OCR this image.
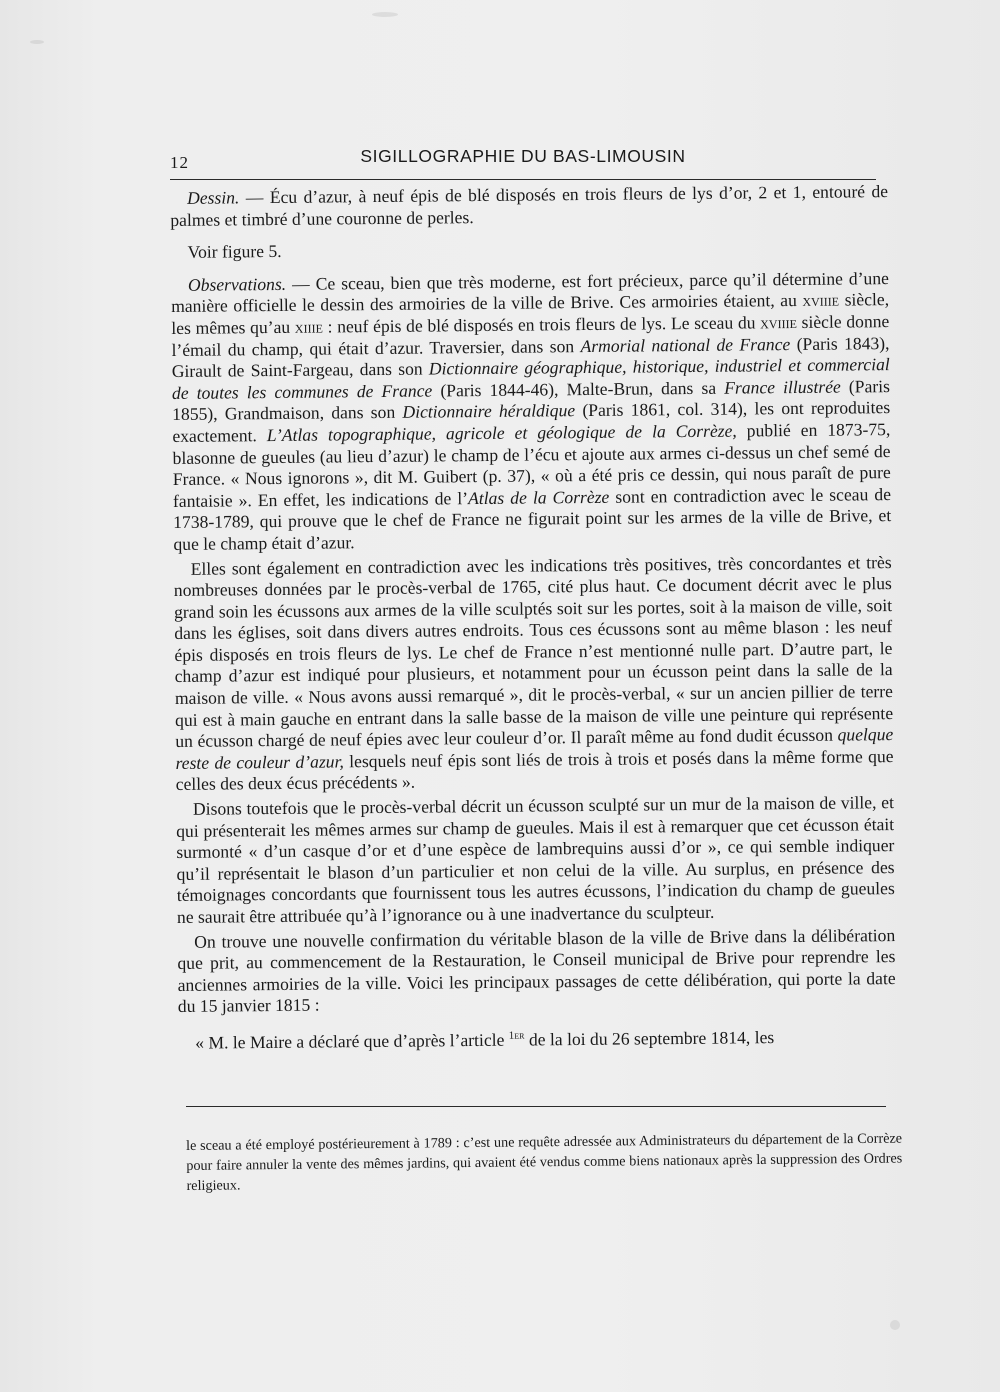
12	SIGILLOGRAPHIE DU BAS-LIMOUSIN

Dessin. — Écu d’azur, à neuf épis de blé disposés en trois fleurs de lys d’or, 2 et 1, entouré de palmes et timbré d’une couronne de perles.

Voir figure 5.

Observations. — Ce sceau, bien que très moderne, est fort précieux, parce qu’il détermine d’une manière officielle le dessin des armoiries de la ville de Brive. Ces armoiries étaient, au xviiie siècle, les mêmes qu’au xiiie : neuf épis de blé disposés en trois fleurs de lys. Le sceau du xviiie siècle donne l’émail du champ, qui était d’azur. Traversier, dans son Armorial national de France (Paris 1843), Girault de Saint-Fargeau, dans son Dictionnaire géographique, historique, industriel et commercial de toutes les communes de France (Paris 1844-46), Malte-Brun, dans sa France illustrée (Paris 1855), Grandmaison, dans son Dictionnaire héraldique (Paris 1861, col. 314), les ont reproduites exactement. L’Atlas topographique, agricole et géologique de la Corrèze, publié en 1873-75, blasonne de gueules (au lieu d’azur) le champ de l’écu et ajoute aux armes ci-dessus un chef semé de France. « Nous ignorons », dit M. Guibert (p. 37), « où a été pris ce dessin, qui nous paraît de pure fantaisie ». En effet, les indications de l’Atlas de la Corrèze sont en contradiction avec le sceau de 1738-1789, qui prouve que le chef de France ne figurait point sur les armes de la ville de Brive, et que le champ était d’azur.

Elles sont également en contradiction avec les indications très positives, très concordantes et très nombreuses données par le procès-verbal de 1765, cité plus haut. Ce document décrit avec le plus grand soin les écussons aux armes de la ville sculptés soit sur les portes, soit à la maison de ville, soit dans les églises, soit dans divers autres endroits. Tous ces écussons sont au même blason : les neuf épis disposés en trois fleurs de lys. Le chef de France n’est mentionné nulle part. D’autre part, le champ d’azur est indiqué pour plusieurs, et notamment pour un écusson peint dans la salle de la maison de ville. « Nous avons aussi remarqué », dit le procès-verbal, « sur un ancien pillier de terre qui est à main gauche en entrant dans la salle basse de la maison de ville une peinture qui représente un écusson chargé de neuf épies avec leur couleur d’or. Il paraît même au fond dudit écusson quelque reste de couleur d’azur, lesquels neuf épis sont liés de trois à trois et posés dans la même forme que celles des deux écus précédents ».

Disons toutefois que le procès-verbal décrit un écusson sculpté sur un mur de la maison de ville, et qui présenterait les mêmes armes sur champ de gueules. Mais il est à remarquer que cet écusson était surmonté « d’un casque d’or et d’une espèce de lambrequins aussi d’or », ce qui semble indiquer qu’il représentait le blason d’un particulier et non celui de la ville. Au surplus, en présence des témoignages concordants que fournissent tous les autres écussons, l’indication du champ de gueules ne saurait être attribuée qu’à l’ignorance ou à une inadvertance du sculpteur.

On trouve une nouvelle confirmation du véritable blason de la ville de Brive dans la délibération que prit, au commencement de la Restauration, le Conseil municipal de Brive pour reprendre les anciennes armoiries de la ville. Voici les principaux passages de cette délibération, qui porte la date du 15 janvier 1815 :

« M. le Maire a déclaré que d’après l’article $^{1er}$ de la loi du 26 septembre 1814, les

le sceau a été employé postérieurement à 1789 : c’est une requête adressée aux Administrateurs du département de la Corrèze pour faire annuler la vente des mêmes jardins, qui avaient été vendus comme biens nationaux après la suppression des Ordres religieux.
